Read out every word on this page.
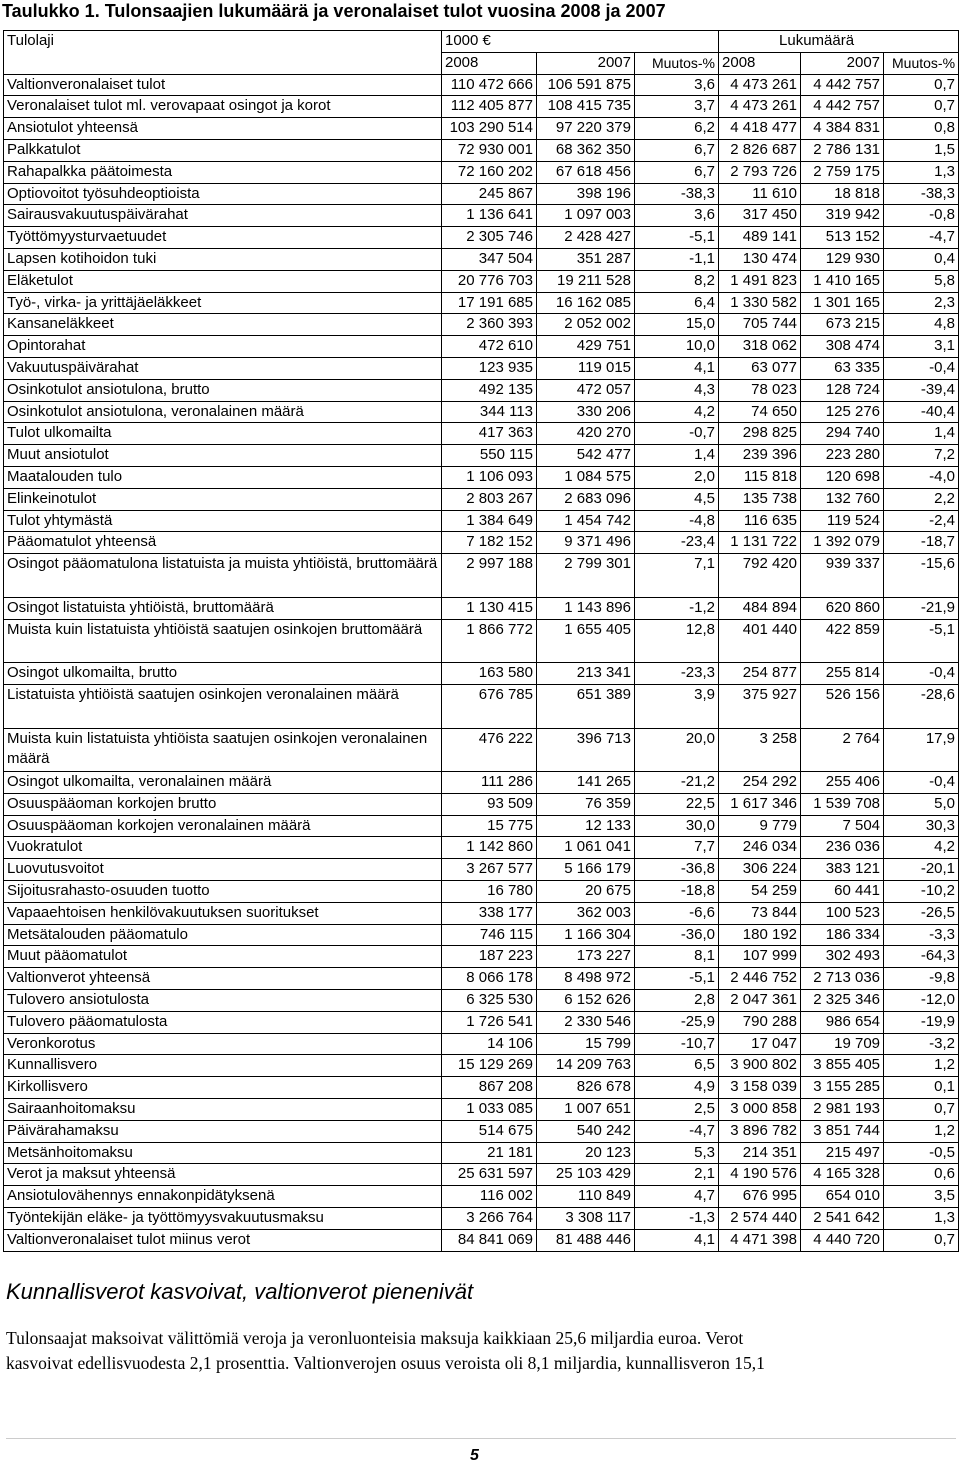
Taulukko 1. Tulonsaajien lukumäärä ja veronalaiset tulot vuosina 2008 ja 2007
Tulolaji	1000 €			Lukumäärä		
	2008	2007	Muutos-%	2008	2007	Muutos-%
Valtionveronalaiset tulot	110 472 666	106 591 875	3,6	4 473 261	4 442 757	0,7
Veronalaiset tulot ml. verovapaat osingot ja korot	112 405 877	108 415 735	3,7	4 473 261	4 442 757	0,7
Ansiotulot yhteensä	103 290 514	97 220 379	6,2	4 418 477	4 384 831	0,8
Palkkatulot	72 930 001	68 362 350	6,7	2 826 687	2 786 131	1,5
Rahapalkka päätoimesta	72 160 202	67 618 456	6,7	2 793 726	2 759 175	1,3
Optiovoitot työsuhdeoptioista	245 867	398 196	-38,3	11 610	18 818	-38,3
Sairausvakuutuspäivärahat	1 136 641	1 097 003	3,6	317 450	319 942	-0,8
Työttömyysturvaetuudet	2 305 746	2 428 427	-5,1	489 141	513 152	-4,7
Lapsen kotihoidon tuki	347 504	351 287	-1,1	130 474	129 930	0,4
Eläketulot	20 776 703	19 211 528	8,2	1 491 823	1 410 165	5,8
Työ-, virka- ja yrittäjäeläkkeet	17 191 685	16 162 085	6,4	1 330 582	1 301 165	2,3
Kansaneläkkeet	2 360 393	2 052 002	15,0	705 744	673 215	4,8
Opintorahat	472 610	429 751	10,0	318 062	308 474	3,1
Vakuutuspäivärahat	123 935	119 015	4,1	63 077	63 335	-0,4
Osinkotulot ansiotulona, brutto	492 135	472 057	4,3	78 023	128 724	-39,4
Osinkotulot ansiotulona, veronalainen määrä	344 113	330 206	4,2	74 650	125 276	-40,4
Tulot ulkomailta	417 363	420 270	-0,7	298 825	294 740	1,4
Muut ansiotulot	550 115	542 477	1,4	239 396	223 280	7,2
Maatalouden tulo	1 106 093	1 084 575	2,0	115 818	120 698	-4,0
Elinkeinotulot	2 803 267	2 683 096	4,5	135 738	132 760	2,2
Tulot yhtymästä	1 384 649	1 454 742	-4,8	116 635	119 524	-2,4
Pääomatulot yhteensä	7 182 152	9 371 496	-23,4	1 131 722	1 392 079	-18,7
Osingot pääomatulona listatuista ja muista yhtiöistä, bruttomäärä	2 997 188	2 799 301	7,1	792 420	939 337	-15,6
Osingot listatuista yhtiöistä, bruttomäärä	1 130 415	1 143 896	-1,2	484 894	620 860	-21,9
Muista kuin listatuista yhtiöistä saatujen osinkojen bruttomäärä	1 866 772	1 655 405	12,8	401 440	422 859	-5,1
Osingot ulkomailta, brutto	163 580	213 341	-23,3	254 877	255 814	-0,4
Listatuista yhtiöistä saatujen osinkojen veronalainen määrä	676 785	651 389	3,9	375 927	526 156	-28,6
Muista kuin listatuista yhtiöista saatujen osinkojen veronalainen määrä	476 222	396 713	20,0	3 258	2 764	17,9
Osingot ulkomailta, veronalainen määrä	111 286	141 265	-21,2	254 292	255 406	-0,4
Osuuspääoman korkojen brutto	93 509	76 359	22,5	1 617 346	1 539 708	5,0
Osuuspääoman korkojen veronalainen määrä	15 775	12 133	30,0	9 779	7 504	30,3
Vuokratulot	1 142 860	1 061 041	7,7	246 034	236 036	4,2
Luovutusvoitot	3 267 577	5 166 179	-36,8	306 224	383 121	-20,1
Sijoitusrahasto-osuuden tuotto	16 780	20 675	-18,8	54 259	60 441	-10,2
Vapaaehtoisen henkilövakuutuksen suoritukset	338 177	362 003	-6,6	73 844	100 523	-26,5
Metsätalouden pääomatulo	746 115	1 166 304	-36,0	180 192	186 334	-3,3
Muut pääomatulot	187 223	173 227	8,1	107 999	302 493	-64,3
Valtionverot yhteensä	8 066 178	8 498 972	-5,1	2 446 752	2 713 036	-9,8
Tulovero ansiotulosta	6 325 530	6 152 626	2,8	2 047 361	2 325 346	-12,0
Tulovero pääomatulosta	1 726 541	2 330 546	-25,9	790 288	986 654	-19,9
Veronkorotus	14 106	15 799	-10,7	17 047	19 709	-3,2
Kunnallisvero	15 129 269	14 209 763	6,5	3 900 802	3 855 405	1,2
Kirkollisvero	867 208	826 678	4,9	3 158 039	3 155 285	0,1
Sairaanhoitomaksu	1 033 085	1 007 651	2,5	3 000 858	2 981 193	0,7
Päivärahamaksu	514 675	540 242	-4,7	3 896 782	3 851 744	1,2
Metsänhoitomaksu	21 181	20 123	5,3	214 351	215 497	-0,5
Verot ja maksut yhteensä	25 631 597	25 103 429	2,1	4 190 576	4 165 328	0,6
Ansiotulovähennys ennakonpidätyksenä	116 002	110 849	4,7	676 995	654 010	3,5
Työntekijän eläke- ja työttömyysvakuutusmaksu	3 266 764	3 308 117	-1,3	2 574 440	2 541 642	1,3
Valtionveronalaiset tulot miinus verot	84 841 069	81 488 446	4,1	4 471 398	4 440 720	0,7
Kunnallisverot kasvoivat, valtionverot pienenivät

Tulonsaajat maksoivat välittömiä veroja ja veronluonteisia maksuja kaikkiaan 25,6 miljardia euroa. Verot

kasvoivat edellisvuodesta 2,1 prosenttia. Valtionverojen osuus veroista oli 8,1 miljardia, kunnallisveron 15,1

5
